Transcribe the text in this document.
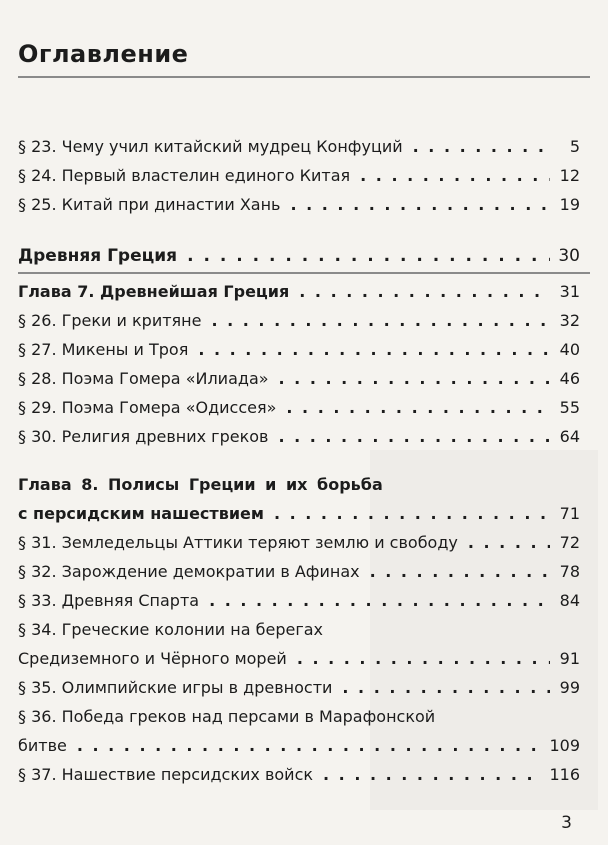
Оглавление
§ 23. Чему учил китайский мудрец Конфуций . . .	5
§ 24. Первый властелин единого Китая . . .	12
§ 25. Китай при династии Хань . . .	19
Древняя Греция . . .	30
Глава 7. Древнейшая Греция . . .	31
§ 26. Греки и критяне . . .	32
§ 27. Микены и Троя . . .	40
§ 28. Поэма Гомера «Илиада» . . .	46
§ 29. Поэма Гомера «Одиссея» . . .	55
§ 30. Религия древних греков . . .	64
Глава 8. Полисы Греции и их борьба
с персидским нашествием . . .	71
§ 31. Земледельцы Аттики теряют землю и свободу . . .	72
§ 32. Зарождение демократии в Афинах . . .	78
§ 33. Древняя Спарта . . .	84
§ 34. Греческие колонии на берегах
Средиземного и Чёрного морей . . .	91
§ 35. Олимпийские игры в древности . . .	99
§ 36. Победа греков над персами в Марафонской
битве . . .	109
§ 37. Нашествие персидских войск . . .	116
3
